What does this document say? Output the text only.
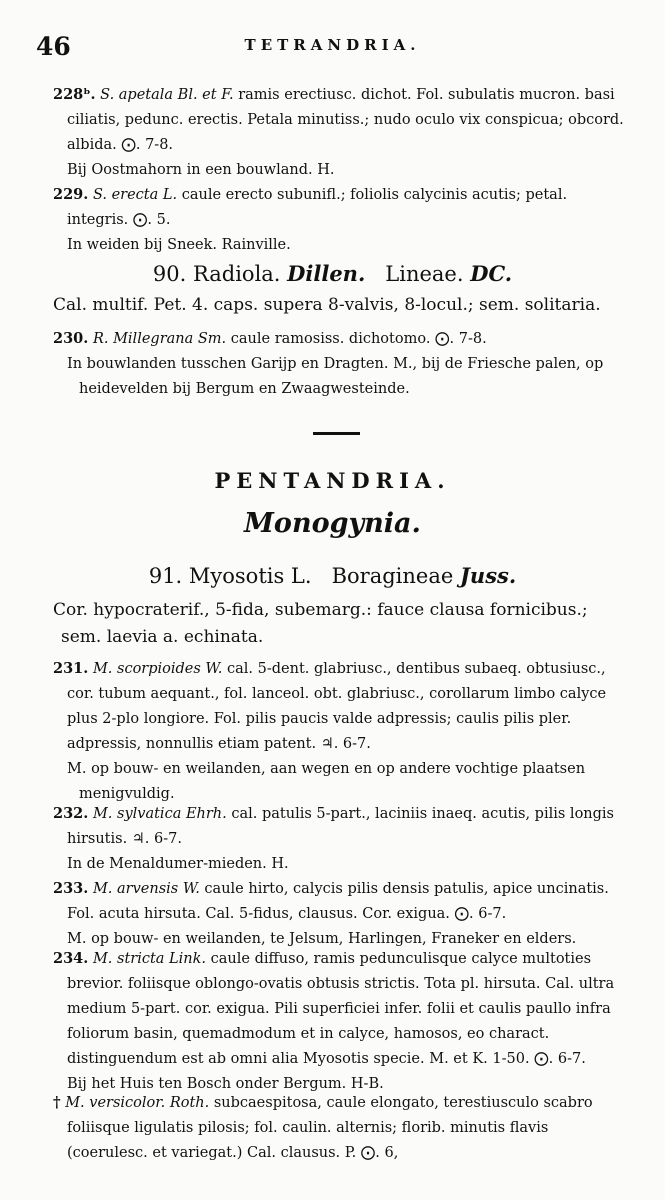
46	TETRANDRIA.
228ᵇ. S. apetala Bl. et F. ramis erectiusc. dichot. Fol. subulatis mucron. basi ciliatis, pedunc. erectis. Petala minutiss.; nudo oculo vix conspicua; obcord. albida. ⨀. 7-8.
Bij Oostmahorn in een bouwland. H.
229. S. erecta L. caule erecto subunifl.; foliolis calycinis acutis; petal. integris. ⨀. 5.
In weiden bij Sneek. Rainville.
90. Radiola. Dillen. Lineae. DC.
Cal. multif. Pet. 4. caps. supera 8-valvis, 8-locul.; sem. solitaria.
230. R. Millegrana Sm. caule ramosiss. dichotomo. ⨀. 7-8.
In bouwlanden tusschen Garijp en Dragten. M., bij de Friesche palen, op heidevelden bij Bergum en Zwaagwesteinde.
PENTANDRIA.
Monogynia.
91. Myosotis L. Boragineae Juss.
Cor. hypocraterif., 5-fida, subemarg.: fauce clausa fornicibus.; sem. laevia a. echinata.
231. M. scorpioides W. cal. 5-dent. glabriusc., dentibus subaeq. obtusiusc., cor. tubum aequant., fol. lanceol. obt. glabriusc., corollarum limbo calyce plus 2-plo longiore. Fol. pilis paucis valde adpressis; caulis pilis pler. adpressis, nonnullis etiam patent. ♃. 6-7.
M. op bouw- en weilanden, aan wegen en op andere vochtige plaatsen menigvuldig.
232. M. sylvatica Ehrh. cal. patulis 5-part., laciniis inaeq. acutis, pilis longis hirsutis. ♃. 6-7.
In de Menaldumer-mieden. H.
233. M. arvensis W. caule hirto, calycis pilis densis patulis, apice uncinatis. Fol. acuta hirsuta. Cal. 5-fidus, clausus. Cor. exigua. ⨀. 6-7.
M. op bouw- en weilanden, te Jelsum, Harlingen, Franeker en elders.
234. M. stricta Link. caule diffuso, ramis pedunculisque calyce multoties brevior. foliisque oblongo-ovatis obtusis strictis. Tota pl. hirsuta. Cal. ultra medium 5-part. cor. exigua. Pili superficiei infer. folii et caulis paullo infra foliorum basin, quemadmodum et in calyce, hamosos, eo charact. distinguendum est ab omni alia Myosotis specie. M. et K. 1-50. ⨀. 6-7.
Bij het Huis ten Bosch onder Bergum. H-B.
† M. versicolor. Roth. subcaespitosa, caule elongato, terestiusculo scabro foliisque ligulatis pilosis; fol. caulin. alternis; florib. minutis flavis (coerulesc. et variegat.) Cal. clausus. P. ⨀. 6,
